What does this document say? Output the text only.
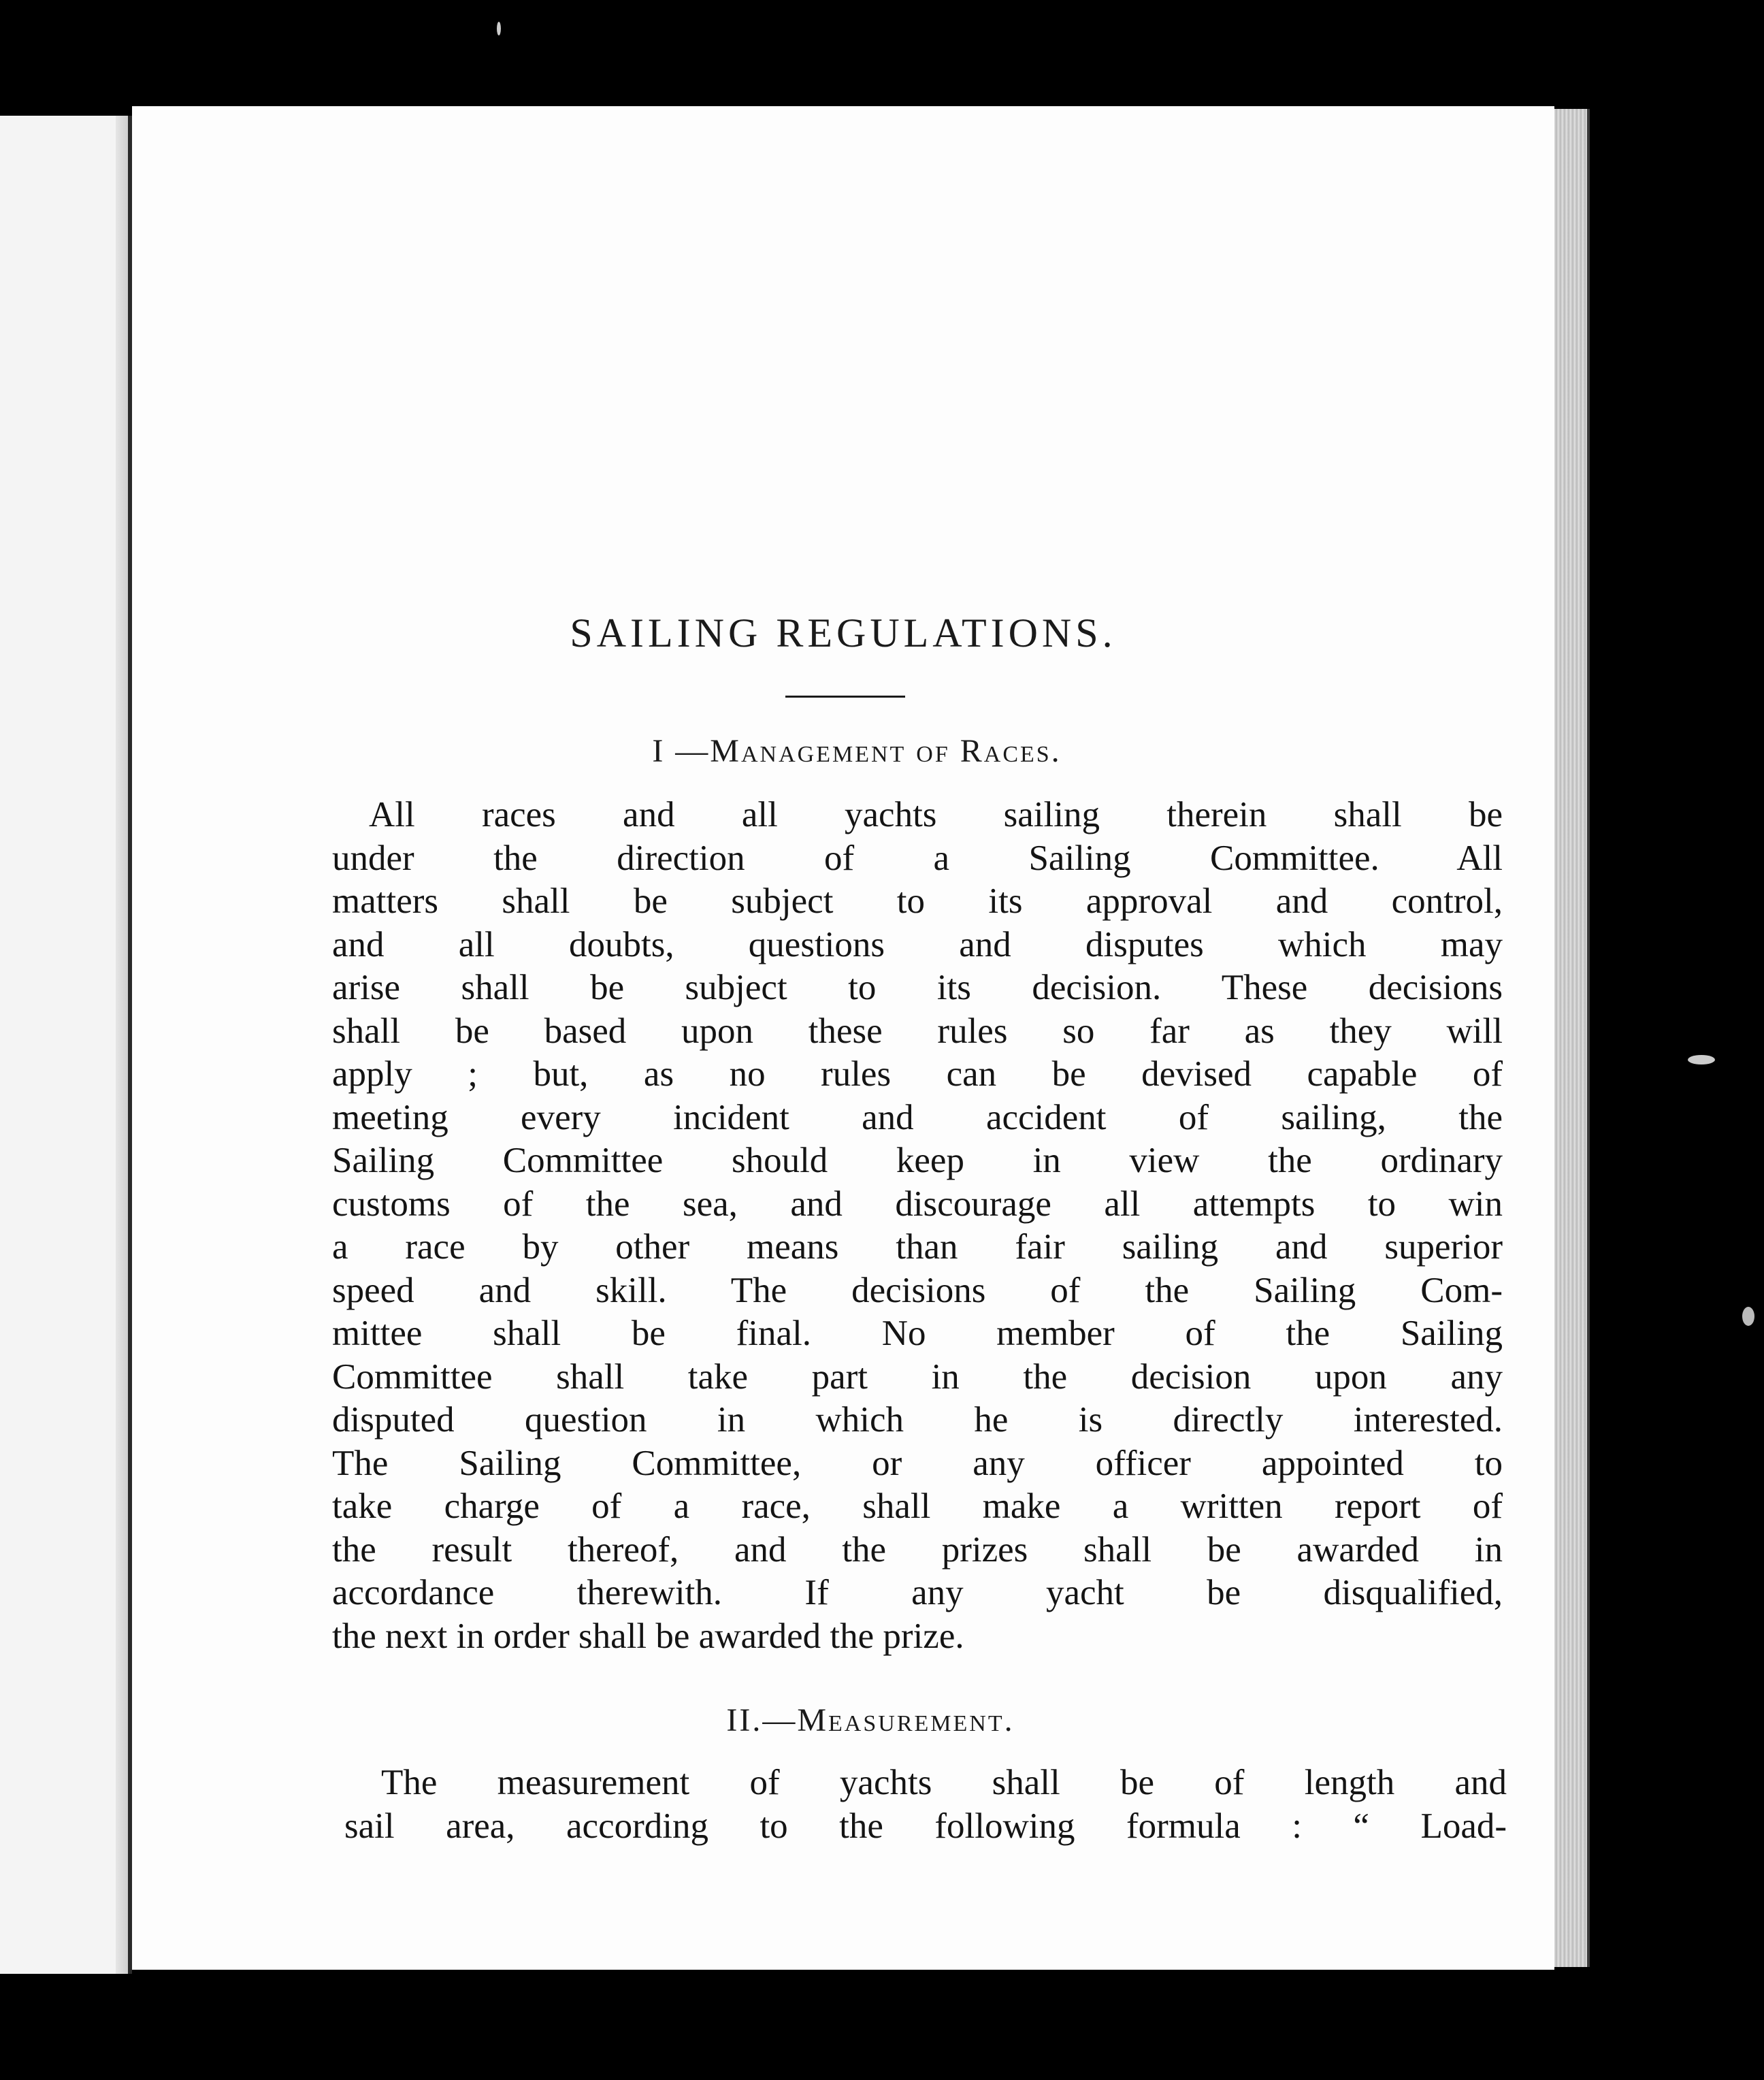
SAILING REGULATIONS.
I —Management of Races.
All races and all yachts sailing therein shall be
under the direction of a Sailing Committee. All
matters shall be subject to its approval and control,
and all doubts, questions and disputes which may
arise shall be subject to its decision. These decisions
shall be based upon these rules so far as they will
apply ; but, as no rules can be devised capable of
meeting every incident and accident of sailing, the
Sailing Committee should keep in view the ordinary
customs of the sea, and discourage all attempts to win
a race by other means than fair sailing and superior
speed and skill. The decisions of the Sailing Com-
mittee shall be final. No member of the Sailing
Committee shall take part in the decision upon any
disputed question in which he is directly interested.
The Sailing Committee, or any officer appointed to
take charge of a race, shall make a written report of
the result thereof, and the prizes shall be awarded in
accordance therewith. If any yacht be disqualified,
the next in order shall be awarded the prize.
II.—Measurement.
The measurement of yachts shall be of length and
sail area, according to the following formula : “ Load-
